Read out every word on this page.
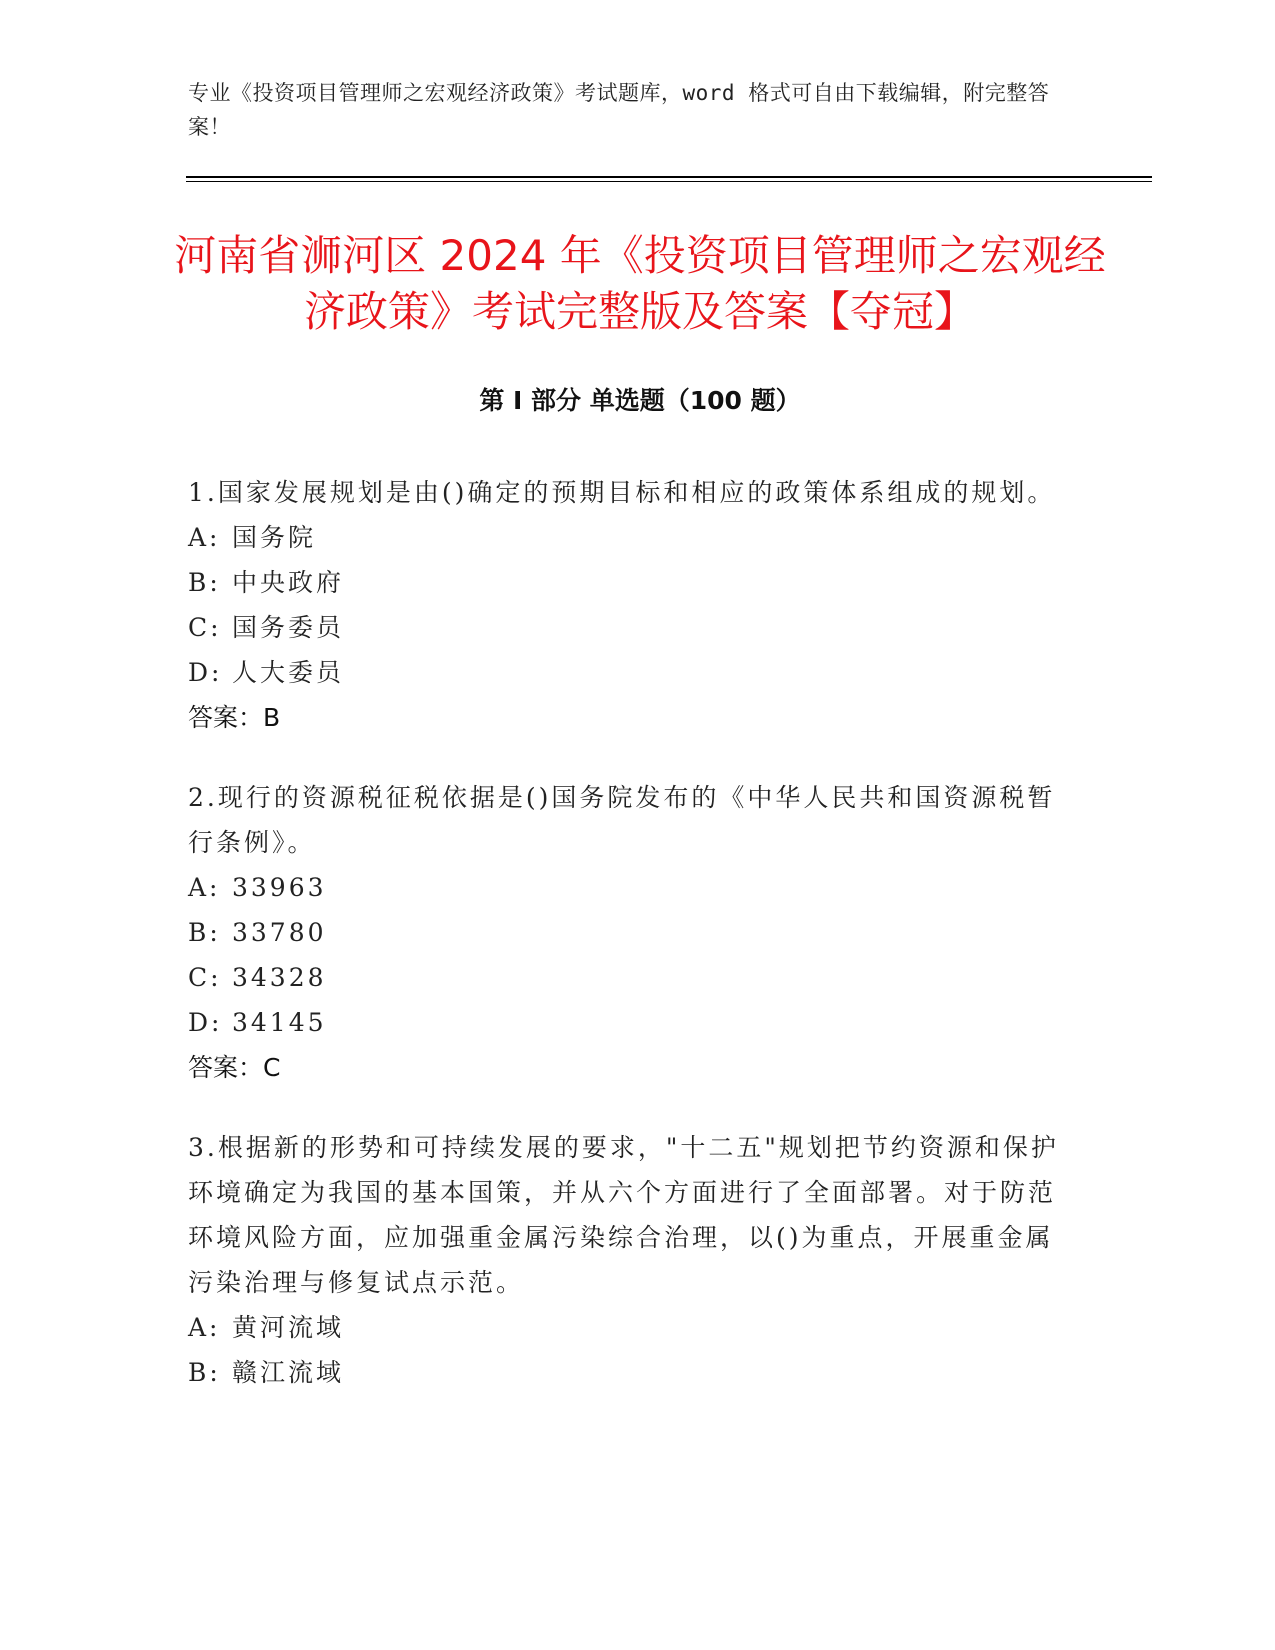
专业《投资项目管理师之宏观经济政策》考试题库，word 格式可自由下载编辑，附完整答案！
河南省浉河区 2024 年《投资项目管理师之宏观经济政策》考试完整版及答案【夺冠】
第 I 部分 单选题（100 题）

1.国家发展规划是由()确定的预期目标和相应的政策体系组成的规划。

A: 国务院
B: 中央政府
C: 国务委员
D: 人大委员
答案：B

2.现行的资源税征税依据是()国务院发布的《中华人民共和国资源税暂行条例》。

A: 33963
B: 33780
C: 34328
D: 34145
答案：C

3.根据新的形势和可持续发展的要求，"十二五"规划把节约资源和保护环境确定为我国的基本国策，并从六个方面进行了全面部署。对于防范环境风险方面，应加强重金属污染综合治理，以()为重点，开展重金属污染治理与修复试点示范。

A: 黄河流域
B: 赣江流域
